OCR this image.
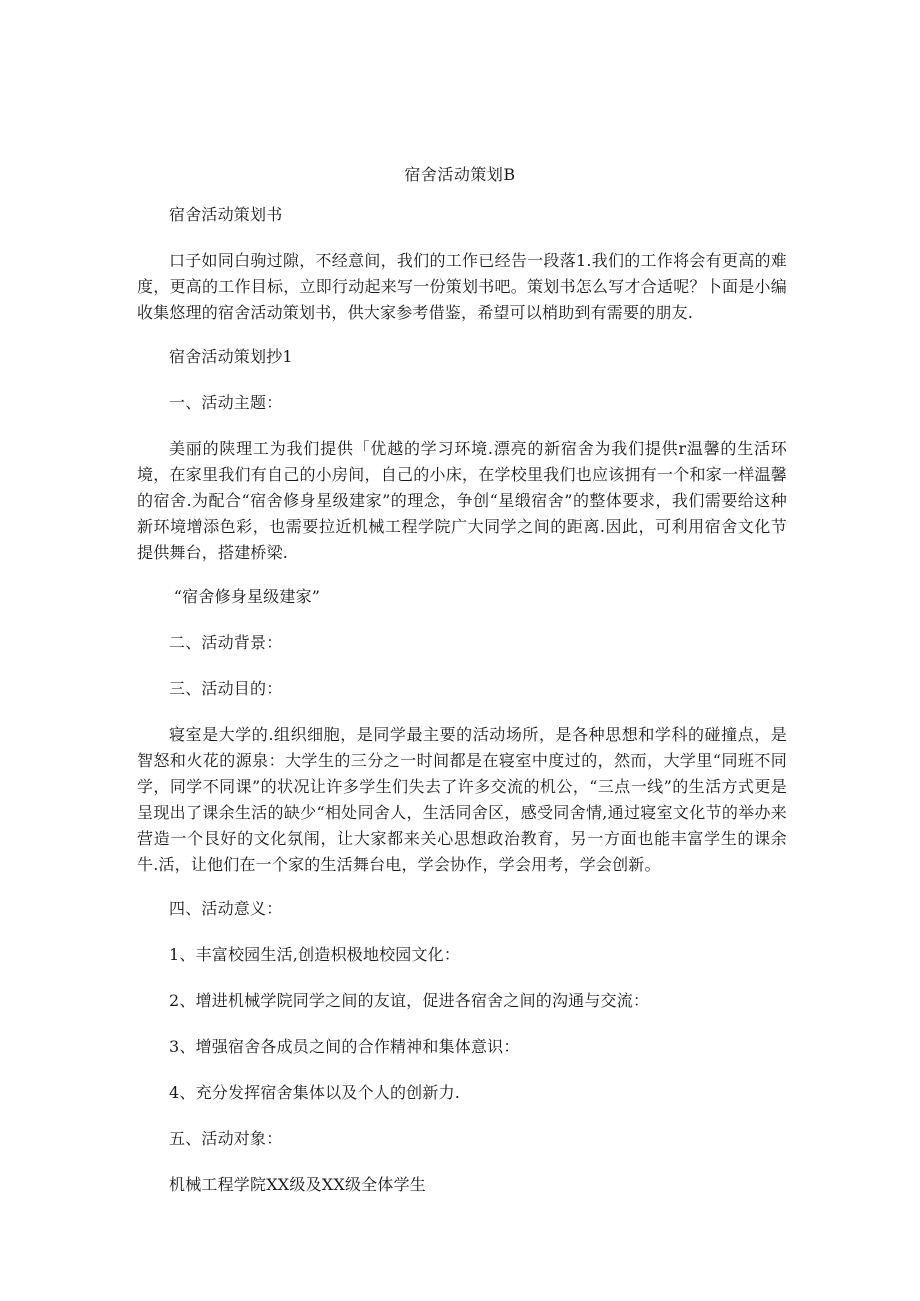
宿舍活动策划B

宿舍活动策划书

口子如同白驹过隙，不经意间，我们的工作已经告一段落1.我们的工作将会有更高的难度，更高的工作目标，立即行动起来写一份策划书吧。策划书怎么写才合适呢？卜面是小编收集悠理的宿舍活动策划书，供大家参考借鉴，希望可以梢助到有需要的朋友.

宿舍活动策划抄1

一、活动主题：

美丽的陕理工为我们提供「优越的学习环境.漂亮的新宿舍为我们提供r温馨的生活环境，在家里我们有自己的小房间，自己的小床，在学校里我们也应该拥有一个和家一样温馨的宿舍.为配合“宿舍修身星级建家”的理念，争创“星缎宿舍”的整体要求，我们需要给这种新环境增添色彩，也需要拉近机械工程学院广大同学之间的距离.因此，可利用宿舍文化节提供舞台，搭建桥梁.

“宿舍修身星级建家”

二、活动背景：

三、活动目的：

寝室是大学的.组织细胞，是同学最主要的活动场所，是各种思想和学科的碰撞点，是智怒和火花的源泉：大学生的三分之一时间都是在寝室中度过的，然而，大学里“同班不同学，同学不同课”的状况让许多学生们失去了许多交流的机公，“三点一线”的生活方式更是呈现出了课余生活的缺少“相处同舍人，生活同舍区，感受同舍情,通过寝室文化节的举办来营造一个艮好的文化氛闱，让大家都来关心思想政治教育，另一方面也能丰富学生的课余牛.活，让他们在一个家的生活舞台电，学会协作，学会用考，学会创新。

四、活动意义：

1、丰富校园生活,创造枳极地校园文化：

2、增进机械学院同学之间的友谊，促进各宿舍之间的沟通与交流：

3、增强宿舍各成员之间的合作精神和集体意识：

4、充分发挥宿舍集体以及个人的创新力.

五、活动对象：

机械工程学院XX级及XX级全体学生
